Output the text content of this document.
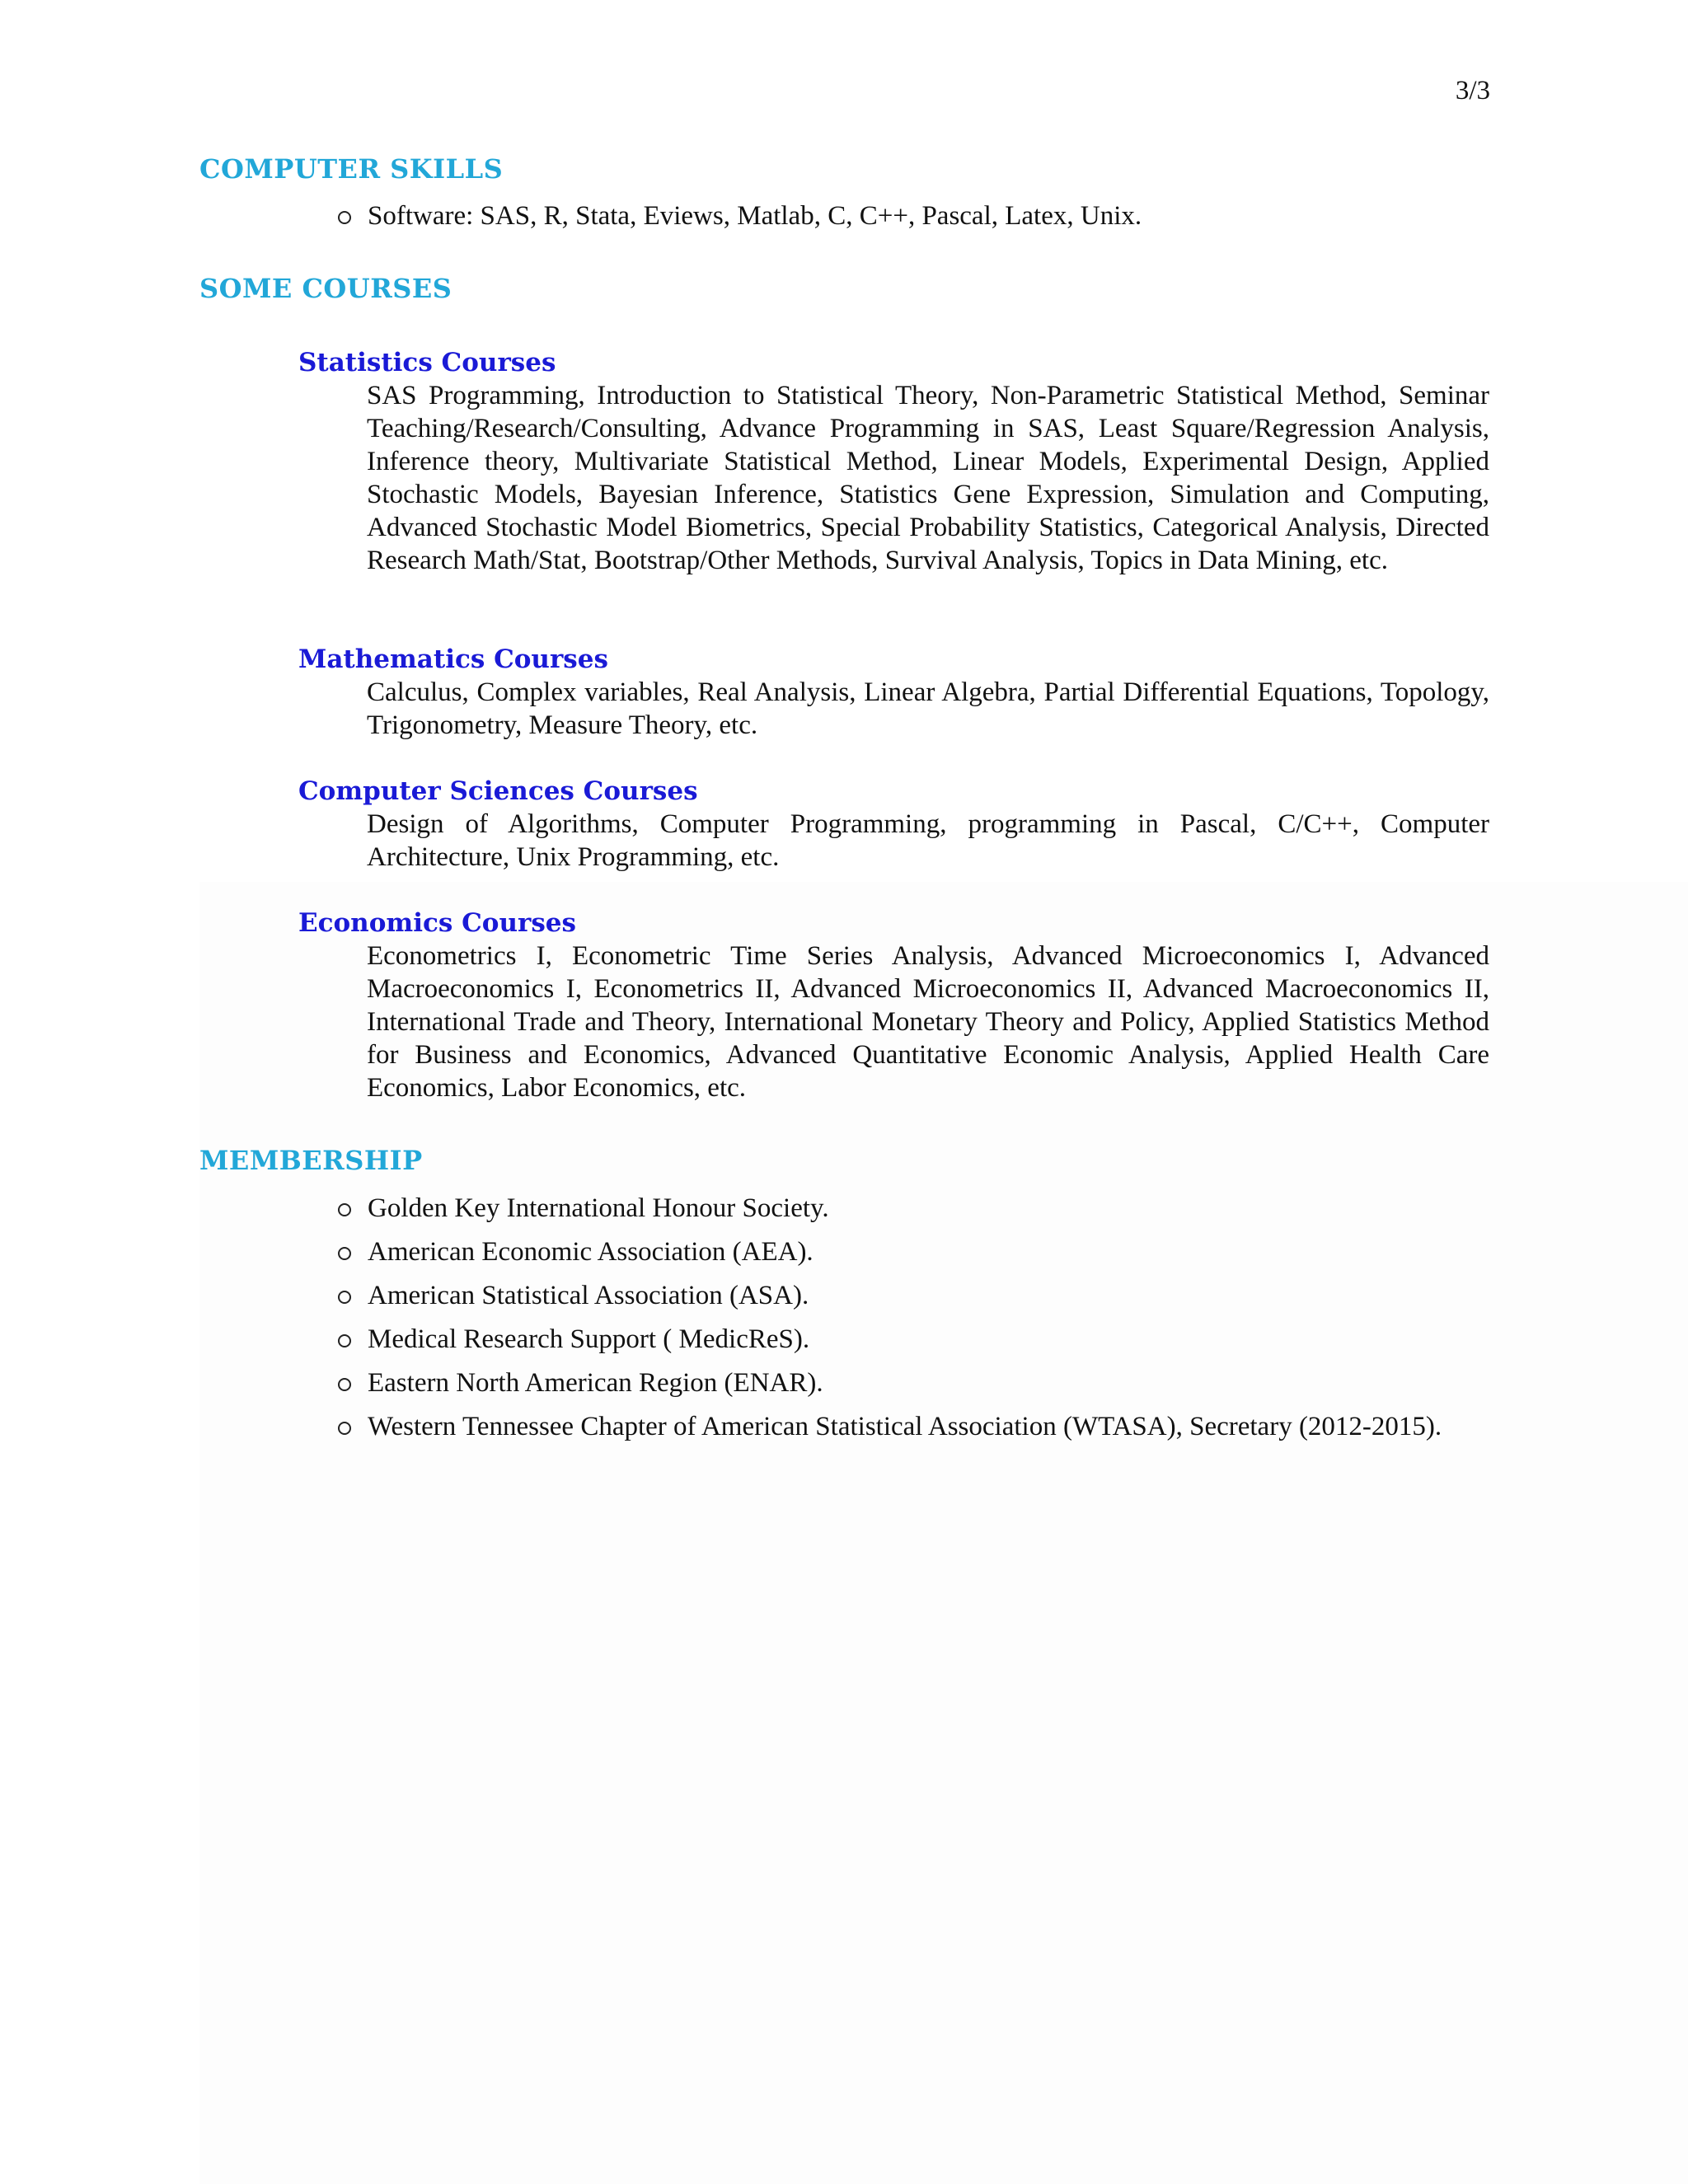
3/3
COMPUTER SKILLS
Software: SAS, R, Stata, Eviews, Matlab, C, C++, Pascal, Latex, Unix.
SOME COURSES

Statistics Courses

SAS Programming, Introduction to Statistical Theory, Non-Parametric Statistical Method, Seminar Teaching/Research/Consulting, Advance Programming in SAS, Least Square/Regression Analysis, Inference theory, Multivariate Statistical Method, Linear Models, Experimental Design, Applied Stochastic Models, Bayesian Inference, Statistics Gene Expression, Simulation and Computing, Advanced Stochastic Model Biometrics, Special Probability Statistics, Categorical Analysis, Directed Research Math/Stat, Bootstrap/Other Methods, Survival Analysis, Topics in Data Mining, etc.

Mathematics Courses

Calculus, Complex variables, Real Analysis, Linear Algebra, Partial Differential Equations, Topology, Trigonometry, Measure Theory, etc.

Computer Sciences Courses

Design of Algorithms, Computer Programming, programming in Pascal, C/C++, Computer Architecture, Unix Programming, etc.

Economics Courses

Econometrics I, Econometric Time Series Analysis, Advanced Microeconomics I, Advanced Macroeconomics I, Econometrics II, Advanced Microeconomics II, Advanced Macroeconomics II, International Trade and Theory, International Monetary Theory and Policy, Applied Statistics Method for Business and Economics, Advanced Quantitative Economic Analysis, Applied Health Care Economics, Labor Economics, etc.

MEMBERSHIP
Golden Key International Honour Society.
American Economic Association (AEA).
American Statistical Association (ASA).
Medical Research Support ( MedicReS).
Eastern North American Region (ENAR).
Western Tennessee Chapter of American Statistical Association (WTASA), Secretary (2012-2015).
